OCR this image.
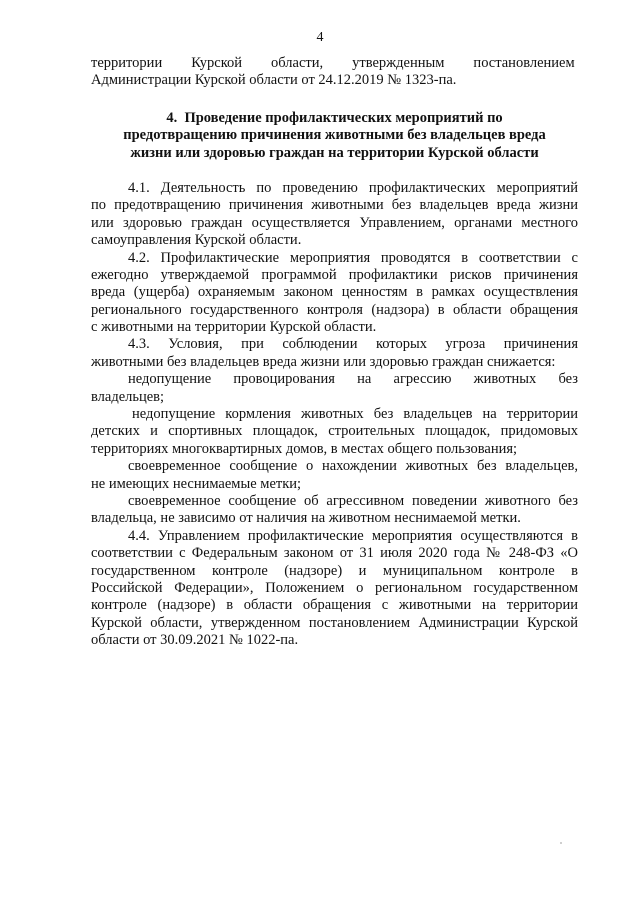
4
территории        Курской        области,        утвержденным        постановлением
Администрации Курской области от 24.12.2019 № 1323-па.
4.  Проведение профилактических мероприятий по
предотвращению причинения животными без владельцев вреда
жизни или здоровью граждан на территории Курской области
4.1. Деятельность по проведению профилактических мероприятий
по предотвращению причинения животными без владельцев вреда жизни
или здоровью граждан осуществляется Управлением, органами местного
самоуправления Курской области.
4.2. Профилактические мероприятия проводятся в соответствии с
ежегодно утверждаемой программой профилактики рисков причинения
вреда (ущерба) охраняемым законом ценностям в рамках осуществления
регионального государственного контроля (надзора) в области обращения
с животными на территории Курской области.
4.3. Условия, при соблюдении которых угроза причинения
животными без владельцев вреда жизни или здоровью граждан снижается:
недопущение провоцирования на агрессию животных без
владельцев;
недопущение кормления животных без владельцев на территории
детских и спортивных площадок, строительных площадок, придомовых
территориях многоквартирных домов, в местах общего пользования;
своевременное сообщение о нахождении животных без владельцев,
не имеющих неснимаемые метки;
своевременное сообщение об агрессивном поведении животного без
владельца, не зависимо от наличия на животном неснимаемой метки.
4.4. Управлением профилактические мероприятия осуществляются в
соответствии с Федеральным законом от 31 июля 2020 года № 248-ФЗ «О
государственном контроле (надзоре) и муниципальном контроле в
Российской Федерации», Положением о региональном государственном
контроле (надзоре) в области обращения с животными на территории
Курской области, утвержденном постановлением Администрации Курской
области от 30.09.2021 № 1022-па.
